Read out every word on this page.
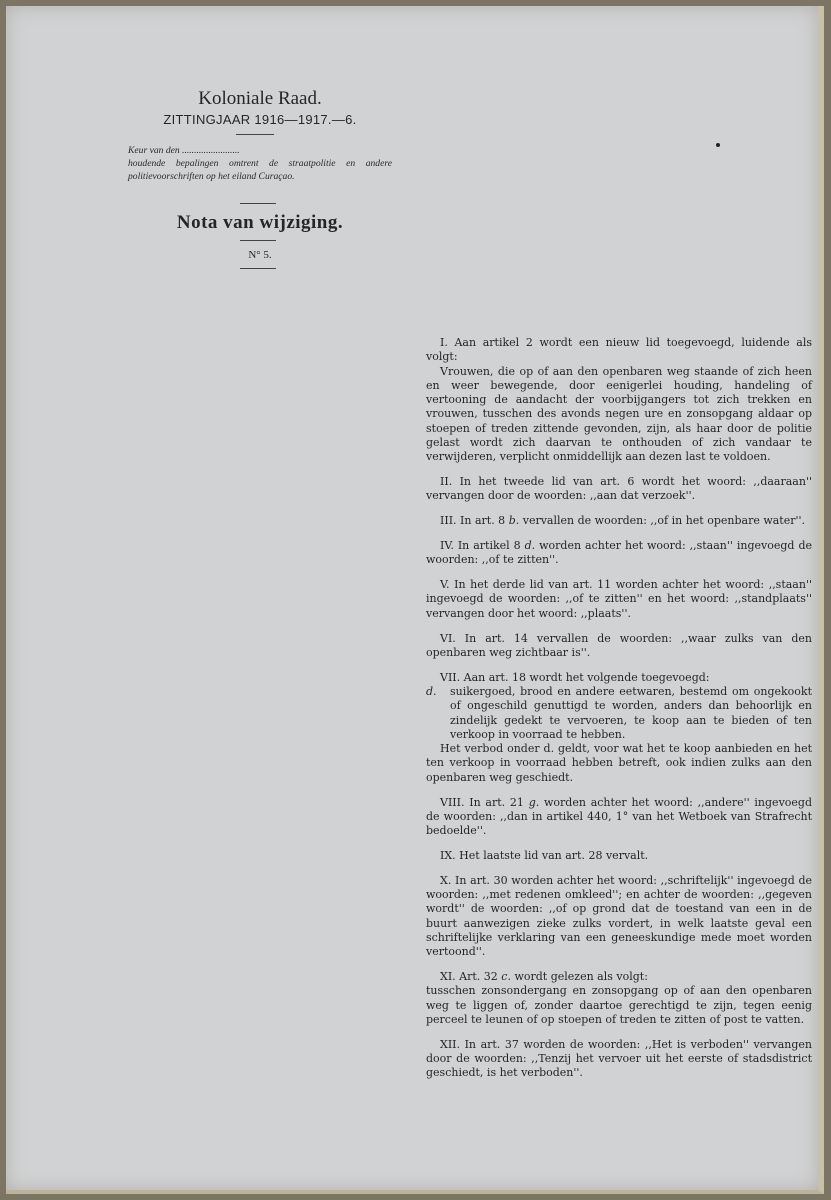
Koloniale Raad.
ZITTINGJAAR 1916—1917.—6.
Keur van den ........................
houdende bepalingen omtrent de straatpolitie en andere politievoorschriften op het eiland Curaçao.
Nota van wijziging.
N° 5.

I. Aan artikel 2 wordt een nieuw lid toegevoegd, luidende als volgt:

Vrouwen, die op of aan den openbaren weg staande of zich heen en weer bewegende, door eenigerlei houding, handeling of vertooning de aandacht der voorbijgangers tot zich trekken en vrouwen, tusschen des avonds negen ure en zonsopgang aldaar op stoepen of treden zittende gevonden, zijn, als haar door de politie gelast wordt zich daarvan te onthouden of zich vandaar te verwijderen, verplicht onmiddellijk aan dezen last te voldoen.

II. In het tweede lid van art. 6 wordt het woord: ,,daaraan'' vervangen door de woorden: ,,aan dat verzoek''.

III. In art. 8 b. vervallen de woorden: ,,of in het openbare water''.

IV. In artikel 8 d. worden achter het woord: ,,staan'' ingevoegd de woorden: ,,of te zitten''.

V. In het derde lid van art. 11 worden achter het woord: ,,staan'' ingevoegd de woorden: ,,of te zitten'' en het woord: ,,standplaats'' vervangen door het woord: ,,plaats''.

VI. In art. 14 vervallen de woorden: ,,waar zulks van den openbaren weg zichtbaar is''.

VII. Aan art. 18 wordt het volgende toegevoegd:

d.	suikergoed, brood en andere eetwaren, bestemd om ongekookt of ongeschild genuttigd te worden, anders dan behoorlijk en zindelijk gedekt te vervoeren, te koop aan te bieden of ten verkoop in voorraad te hebben.

Het verbod onder d. geldt, voor wat het te koop aanbieden en het ten verkoop in voorraad hebben betreft, ook indien zulks aan den openbaren weg geschiedt.

VIII. In art. 21 g. worden achter het woord: ,,andere'' ingevoegd de woorden: ,,dan in artikel 440, 1° van het Wetboek van Strafrecht bedoelde''.

IX. Het laatste lid van art. 28 vervalt.

X. In art. 30 worden achter het woord: ,,schriftelijk'' ingevoegd de woorden: ,,met redenen omkleed''; en achter de woorden: ,,gegeven wordt'' de woorden: ,,of op grond dat de toestand van een in de buurt aanwezigen zieke zulks vordert, in welk laatste geval een schriftelijke verklaring van een geneeskundige mede moet worden vertoond''.

XI. Art. 32 c. wordt gelezen als volgt:

tusschen zonsondergang en zonsopgang op of aan den openbaren weg te liggen of, zonder daartoe gerechtigd te zijn, tegen eenig perceel te leunen of op stoepen of treden te zitten of post te vatten.

XII. In art. 37 worden de woorden: ,,Het is verboden'' vervangen door de woorden: ,,Tenzij het vervoer uit het eerste of stadsdistrict geschiedt, is het verboden''.
